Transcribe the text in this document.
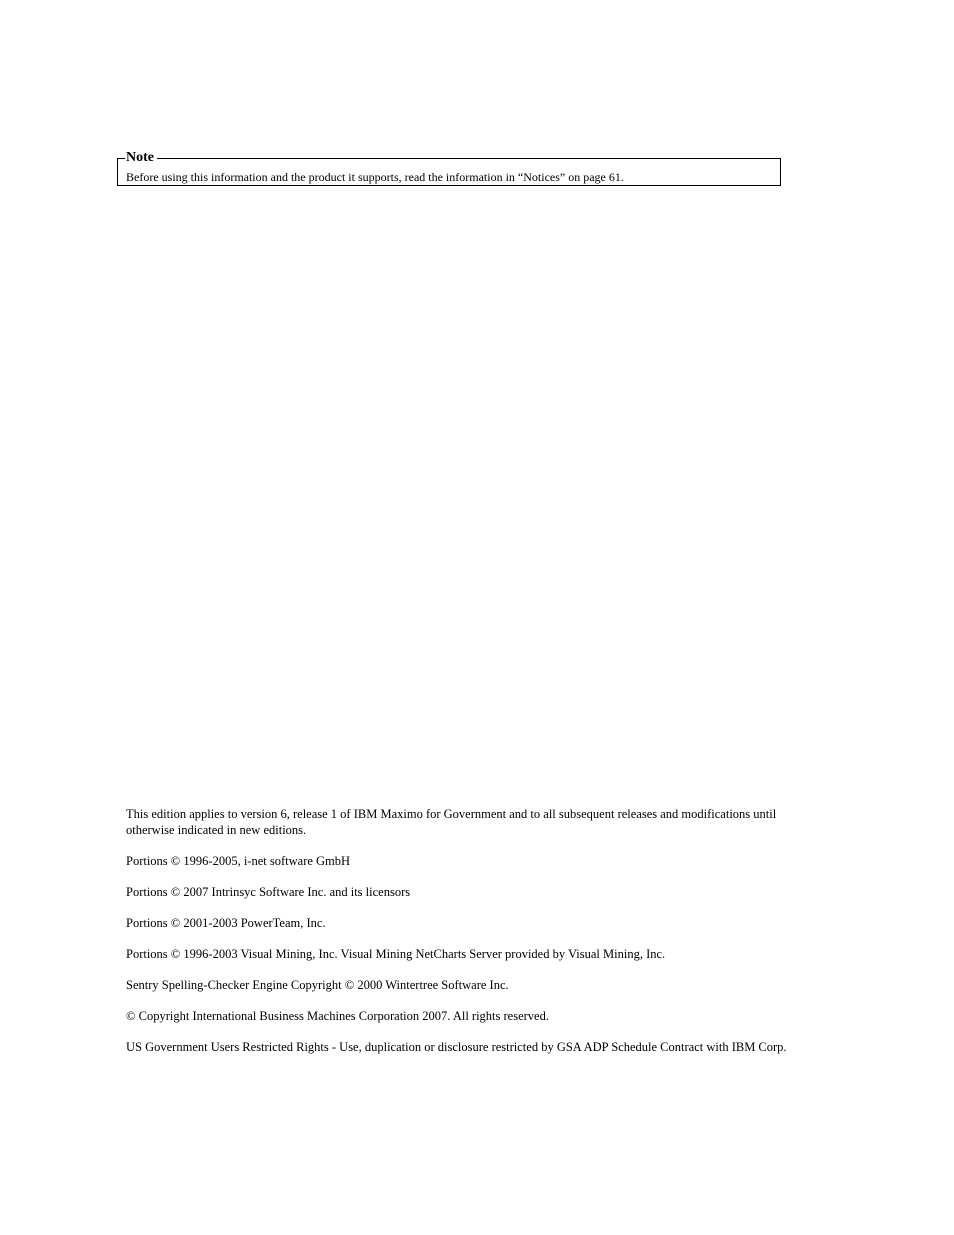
Note
Before using this information and the product it supports, read the information in “Notices” on page 61.

This edition applies to version 6, release 1 of IBM Maximo for Government and to all subsequent releases and modifications until otherwise indicated in new editions.

Portions © 1996-2005, i-net software GmbH

Portions © 2007 Intrinsyc Software Inc. and its licensors

Portions © 2001-2003 PowerTeam, Inc.

Portions © 1996-2003 Visual Mining, Inc. Visual Mining NetCharts Server provided by Visual Mining, Inc.

Sentry Spelling-Checker Engine Copyright © 2000 Wintertree Software Inc.

© Copyright International Business Machines Corporation 2007. All rights reserved.

US Government Users Restricted Rights - Use, duplication or disclosure restricted by GSA ADP Schedule Contract with IBM Corp.
